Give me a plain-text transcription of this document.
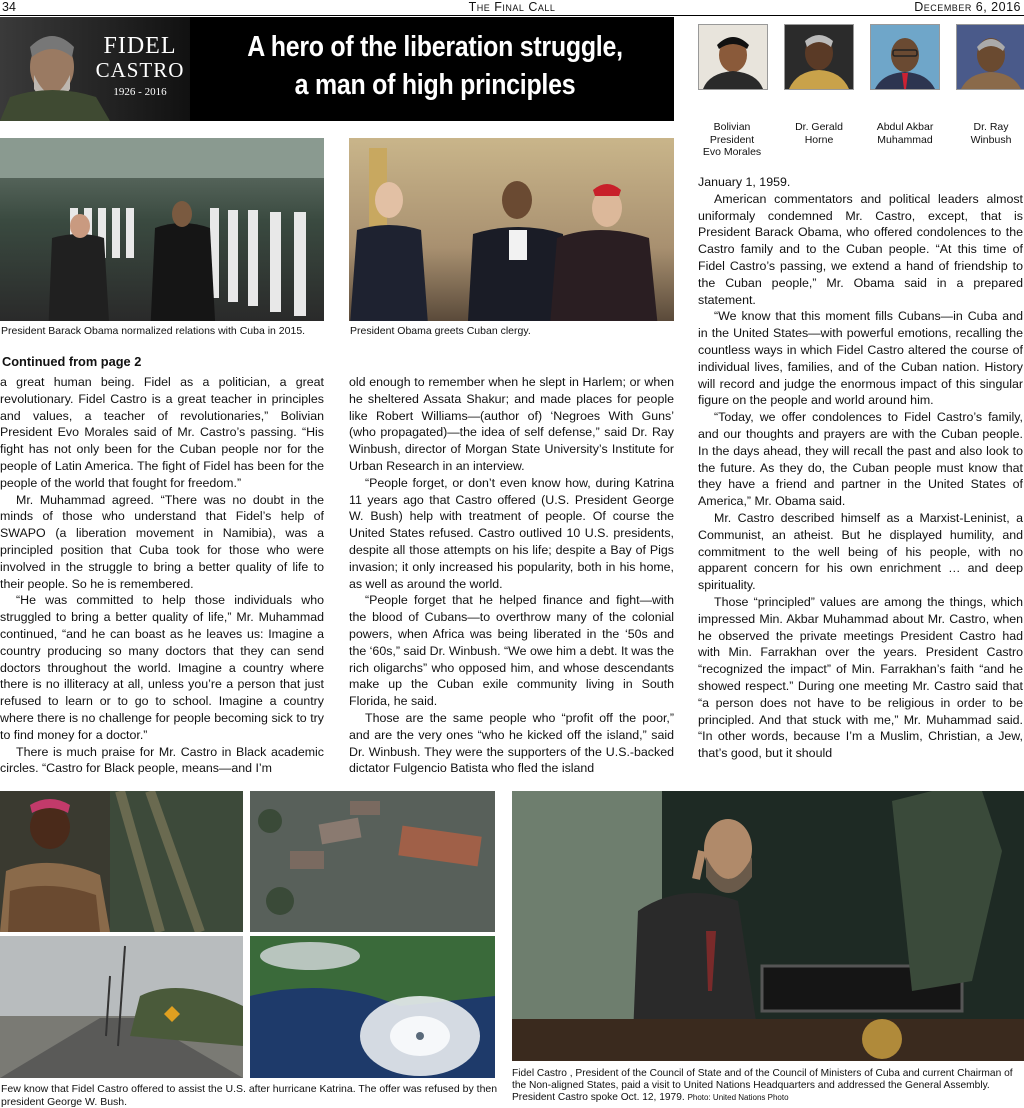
34	The Final Call	December 6, 2016
FIDEL
CASTRO
1926 - 2016
A hero of the liberation struggle,
a man of high principles
Bolivian
President
Evo Morales
Dr. Gerald
Horne
Abdul Akbar
Muhammad
Dr. Ray
Winbush
President Barack Obama normalized relations with Cuba in 2015.	President Obama greets Cuban clergy.
Continued from page 2

a great human being. Fidel as a politician, a great revolutionary. Fidel Castro is a great teacher in principles and values, a teacher of revolutionaries,” Bolivian President Evo Morales said of Mr. Castro’s passing. “His fight has not only been for the Cuban people nor for the people of Latin America. The fight of Fidel has been for the people of the world that fought for freedom.”

Mr. Muhammad agreed. “There was no doubt in the minds of those who understand that Fidel’s help of SWAPO (a liberation movement in Namibia), was a principled position that Cuba took for those who were involved in the struggle to bring a better quality of life to their people. So he is remembered.

“He was committed to help those individuals who struggled to bring a better quality of life,” Mr. Muhammad continued, “and he can boast as he leaves us: Imagine a country producing so many doctors that they can send doctors throughout the world. Imagine a country where there is no illiteracy at all, unless you’re a person that just refused to learn or to go to school. Imagine a country where there is no challenge for people becoming sick to try to find money for a doctor.”

There is much praise for Mr. Castro in Black academic circles. “Castro for Black people, means—and I’m

old enough to remember when he slept in Harlem; or when he sheltered Assata Shakur; and made places for people like Robert Williams—(author of) ‘Negroes With Guns’ (who propagated)—the idea of self defense,” said Dr. Ray Winbush, director of Morgan State University’s Institute for Urban Research in an interview.

“People forget, or don’t even know how, during Katrina 11 years ago that Castro offered (U.S. President George W. Bush) help with treatment of people. Of course the United States refused. Castro outlived 10 U.S. presidents, despite all those attempts on his life; despite a Bay of Pigs invasion; it only increased his popularity, both in his home, as well as around the world.

“People forget that he helped finance and fight—with the blood of Cubans—to overthrow many of the colonial powers, when Africa was being liberated in the ‘50s and the ‘60s,” said Dr. Winbush. “We owe him a debt. It was the rich oligarchs” who opposed him, and whose descendants make up the Cuban exile community living in South Florida, he said.

Those are the same people who “profit off the poor,” and are the very ones “who he kicked off the island,” said Dr. Winbush. They were the supporters of the U.S.-backed dictator Fulgencio Batista who fled the island

January 1, 1959.

American commentators and political leaders almost uniformaly condemned Mr. Castro, except, that is President Barack Obama, who offered condolences to the Castro family and to the Cuban people. “At this time of Fidel Castro’s passing, we extend a hand of friendship to the Cuban people,” Mr. Obama said in a prepared statement.

“We know that this moment fills Cubans—in Cuba and in the United States—with powerful emotions, recalling the countless ways in which Fidel Castro altered the course of individual lives, families, and of the Cuban nation. History will record and judge the enormous impact of this singular figure on the people and world around him.

“Today, we offer condolences to Fidel Castro’s family, and our thoughts and prayers are with the Cuban people. In the days ahead, they will recall the past and also look to the future. As they do, the Cuban people must know that they have a friend and partner in the United States of America,” Mr. Obama said.

Mr. Castro described himself as a Marxist-Leninist, a Communist, an atheist. But he displayed humility, and commitment to the well being of his people, with no apparent concern for his own enrichment … and deep spirituality.

Those “principled” values are among the things, which impressed Min. Akbar Muhammad about Mr. Castro, when he observed the private meetings President Castro had with Min. Farrakhan over the years. President Castro “recognized the impact” of Min. Farrakhan’s faith “and he showed respect.” During one meeting Mr. Castro said that “a person does not have to be religious in order to be principled. And that stuck with me,” Mr. Muhammad said. “In other words, because I’m a Muslim, Christian, a Jew, that’s good, but it should

Few know that Fidel Castro offered to assist the U.S. after hurricane Katrina. The offer was refused by then president George W. Bush.
Fidel Castro , President of the Council of State and of the Council of Ministers of Cuba and current Chairman of the Non-aligned States, paid a visit to United Nations Headquarters and addressed the General Assembly. President Castro spoke Oct. 12, 1979. Photo: United Nations Photo
